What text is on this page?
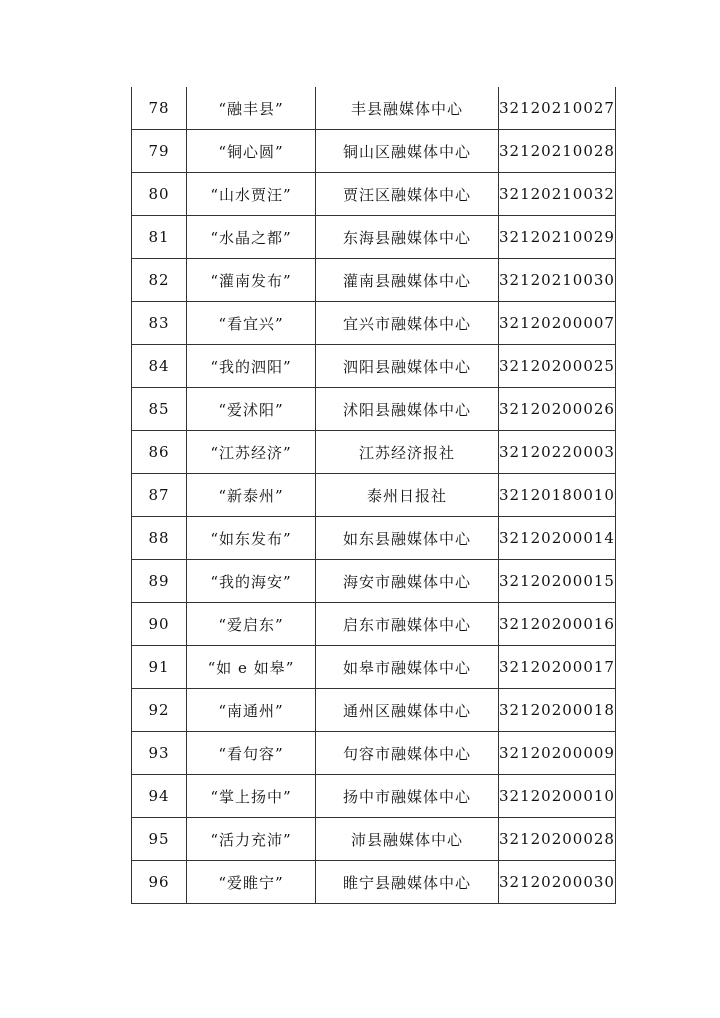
78	“融丰县”	丰县融媒体中心	32120210027
79	“铜心圆”	铜山区融媒体中心	32120210028
80	“山水贾汪”	贾汪区融媒体中心	32120210032
81	“水晶之都”	东海县融媒体中心	32120210029
82	“灌南发布”	灌南县融媒体中心	32120210030
83	“看宜兴”	宜兴市融媒体中心	32120200007
84	“我的泗阳”	泗阳县融媒体中心	32120200025
85	“爱沭阳”	沭阳县融媒体中心	32120200026
86	“江苏经济”	江苏经济报社	32120220003
87	“新泰州”	泰州日报社	32120180010
88	“如东发布”	如东县融媒体中心	32120200014
89	“我的海安”	海安市融媒体中心	32120200015
90	“爱启东”	启东市融媒体中心	32120200016
91	“如 e 如皋”	如皋市融媒体中心	32120200017
92	“南通州”	通州区融媒体中心	32120200018
93	“看句容”	句容市融媒体中心	32120200009
94	“掌上扬中”	扬中市融媒体中心	32120200010
95	“活力充沛”	沛县融媒体中心	32120200028
96	“爱睢宁”	睢宁县融媒体中心	32120200030
